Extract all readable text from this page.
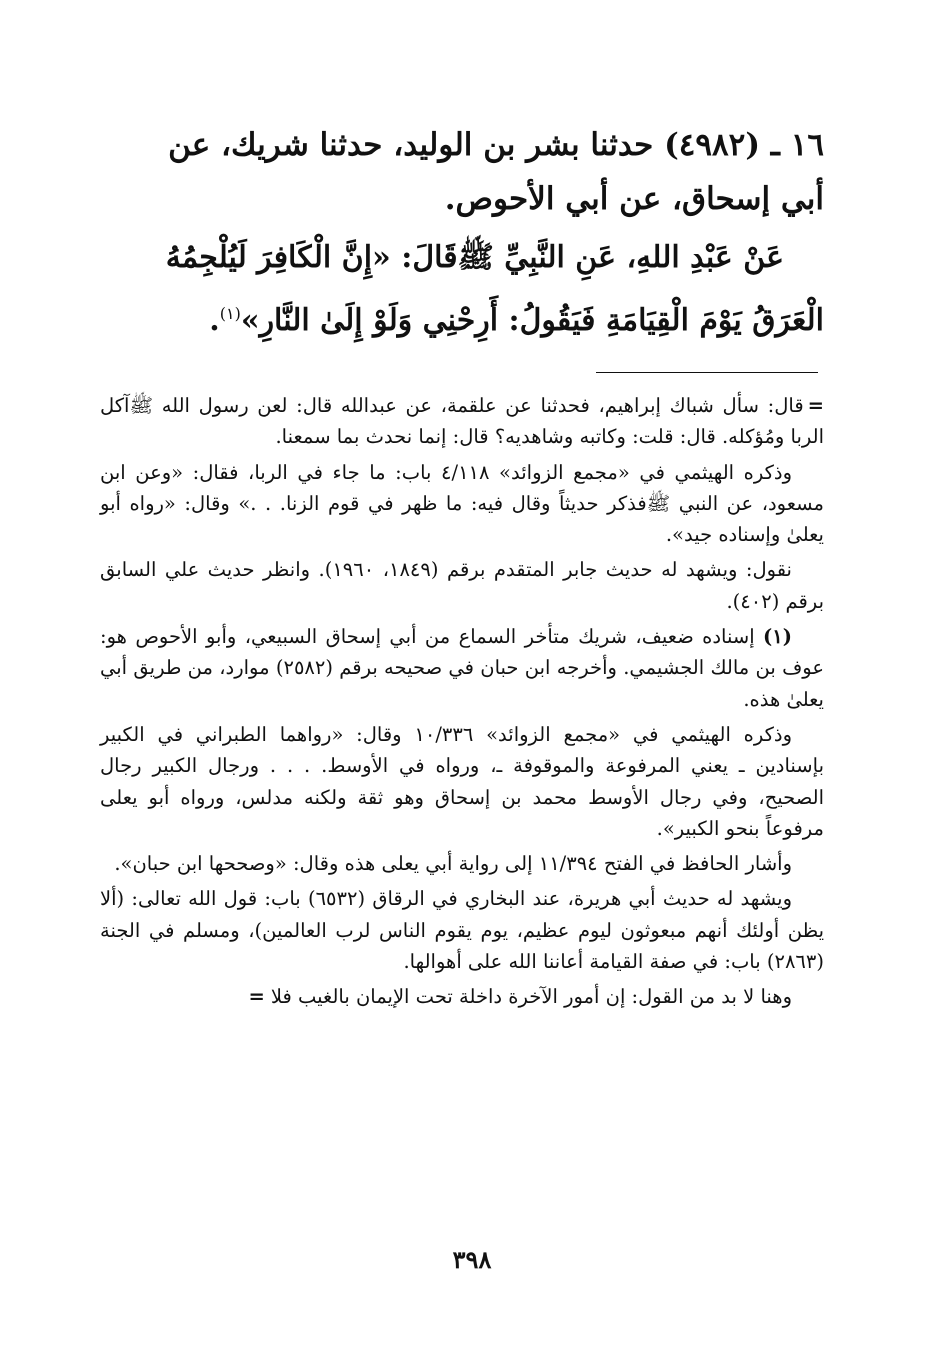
١٦ ـ (٤٩٨٢) حدثنا بشر بن الوليد، حدثنا شريك، عن
أبي إسحاق، عن أبي الأحوص.
عَنْ عَبْدِ اللهِ، عَنِ النَّبِيِّ ﷺقَالَ: «إِنَّ الْكَافِرَ لَيُلْجِمُهُ
الْعَرَقُ يَوْمَ الْقِيَامَةِ فَيَقُولُ: أَرِحْنِي وَلَوْ إِلَىٰ النَّارِ»$^{(١)}$.

=قال: سأل شباك إبراهيم، فحدثنا عن علقمة، عن عبدالله قال: لعن رسول الله ﷺآكل الربا ومُؤكله. قال: قلت: وكاتبه وشاهديه؟ قال: إنما نحدث بما سمعنا.

وذكره الهيثمي في «مجمع الزوائد» ٤/١١٨ باب: ما جاء في الربا، فقال: «وعن ابن مسعود، عن النبي ﷺفذكر حديثاً وقال فيه: ما ظهر في قوم الزنا. . .» وقال: «رواه أبو يعلىٰ وإسناده جيد».

نقول: ويشهد له حديث جابر المتقدم برقم (١٨٤٩، ١٩٦٠). وانظر حديث علي السابق برقم (٤٠٢).

(١) إسناده ضعيف، شريك متأخر السماع من أبي إسحاق السبيعي، وأبو الأحوص هو: عوف بن مالك الجشيمي. وأخرجه ابن حبان في صحيحه برقم (٢٥٨٢) موارد، من طريق أبي يعلىٰ هذه.

وذكره الهيثمي في «مجمع الزوائد» ١٠/٣٣٦ وقال: «رواهما الطبراني في الكبير بإسنادين ـ يعني المرفوعة والموقوفة ـ، ورواه في الأوسط. . . . ورجال الكبير رجال الصحيح، وفي رجال الأوسط محمد بن إسحاق وهو ثقة ولكنه مدلس، ورواه أبو يعلى مرفوعاً بنحو الكبير».

وأشار الحافظ في الفتح ١١/٣٩٤ إلى رواية أبي يعلى هذه وقال: «وصححها ابن حبان».

ويشهد له حديث أبي هريرة، عند البخاري في الرقاق (٦٥٣٢) باب: قول الله تعالى: (ألا يظن أولئك أنهم مبعوثون ليوم عظيم، يوم يقوم الناس لرب العالمين)، ومسلم في الجنة (٢٨٦٣) باب: في صفة القيامة أعاننا الله على أهوالها.

وهنا لا بد من القول: إن أمور الآخرة داخلة تحت الإيمان بالغيب فلا=

٣٩٨
